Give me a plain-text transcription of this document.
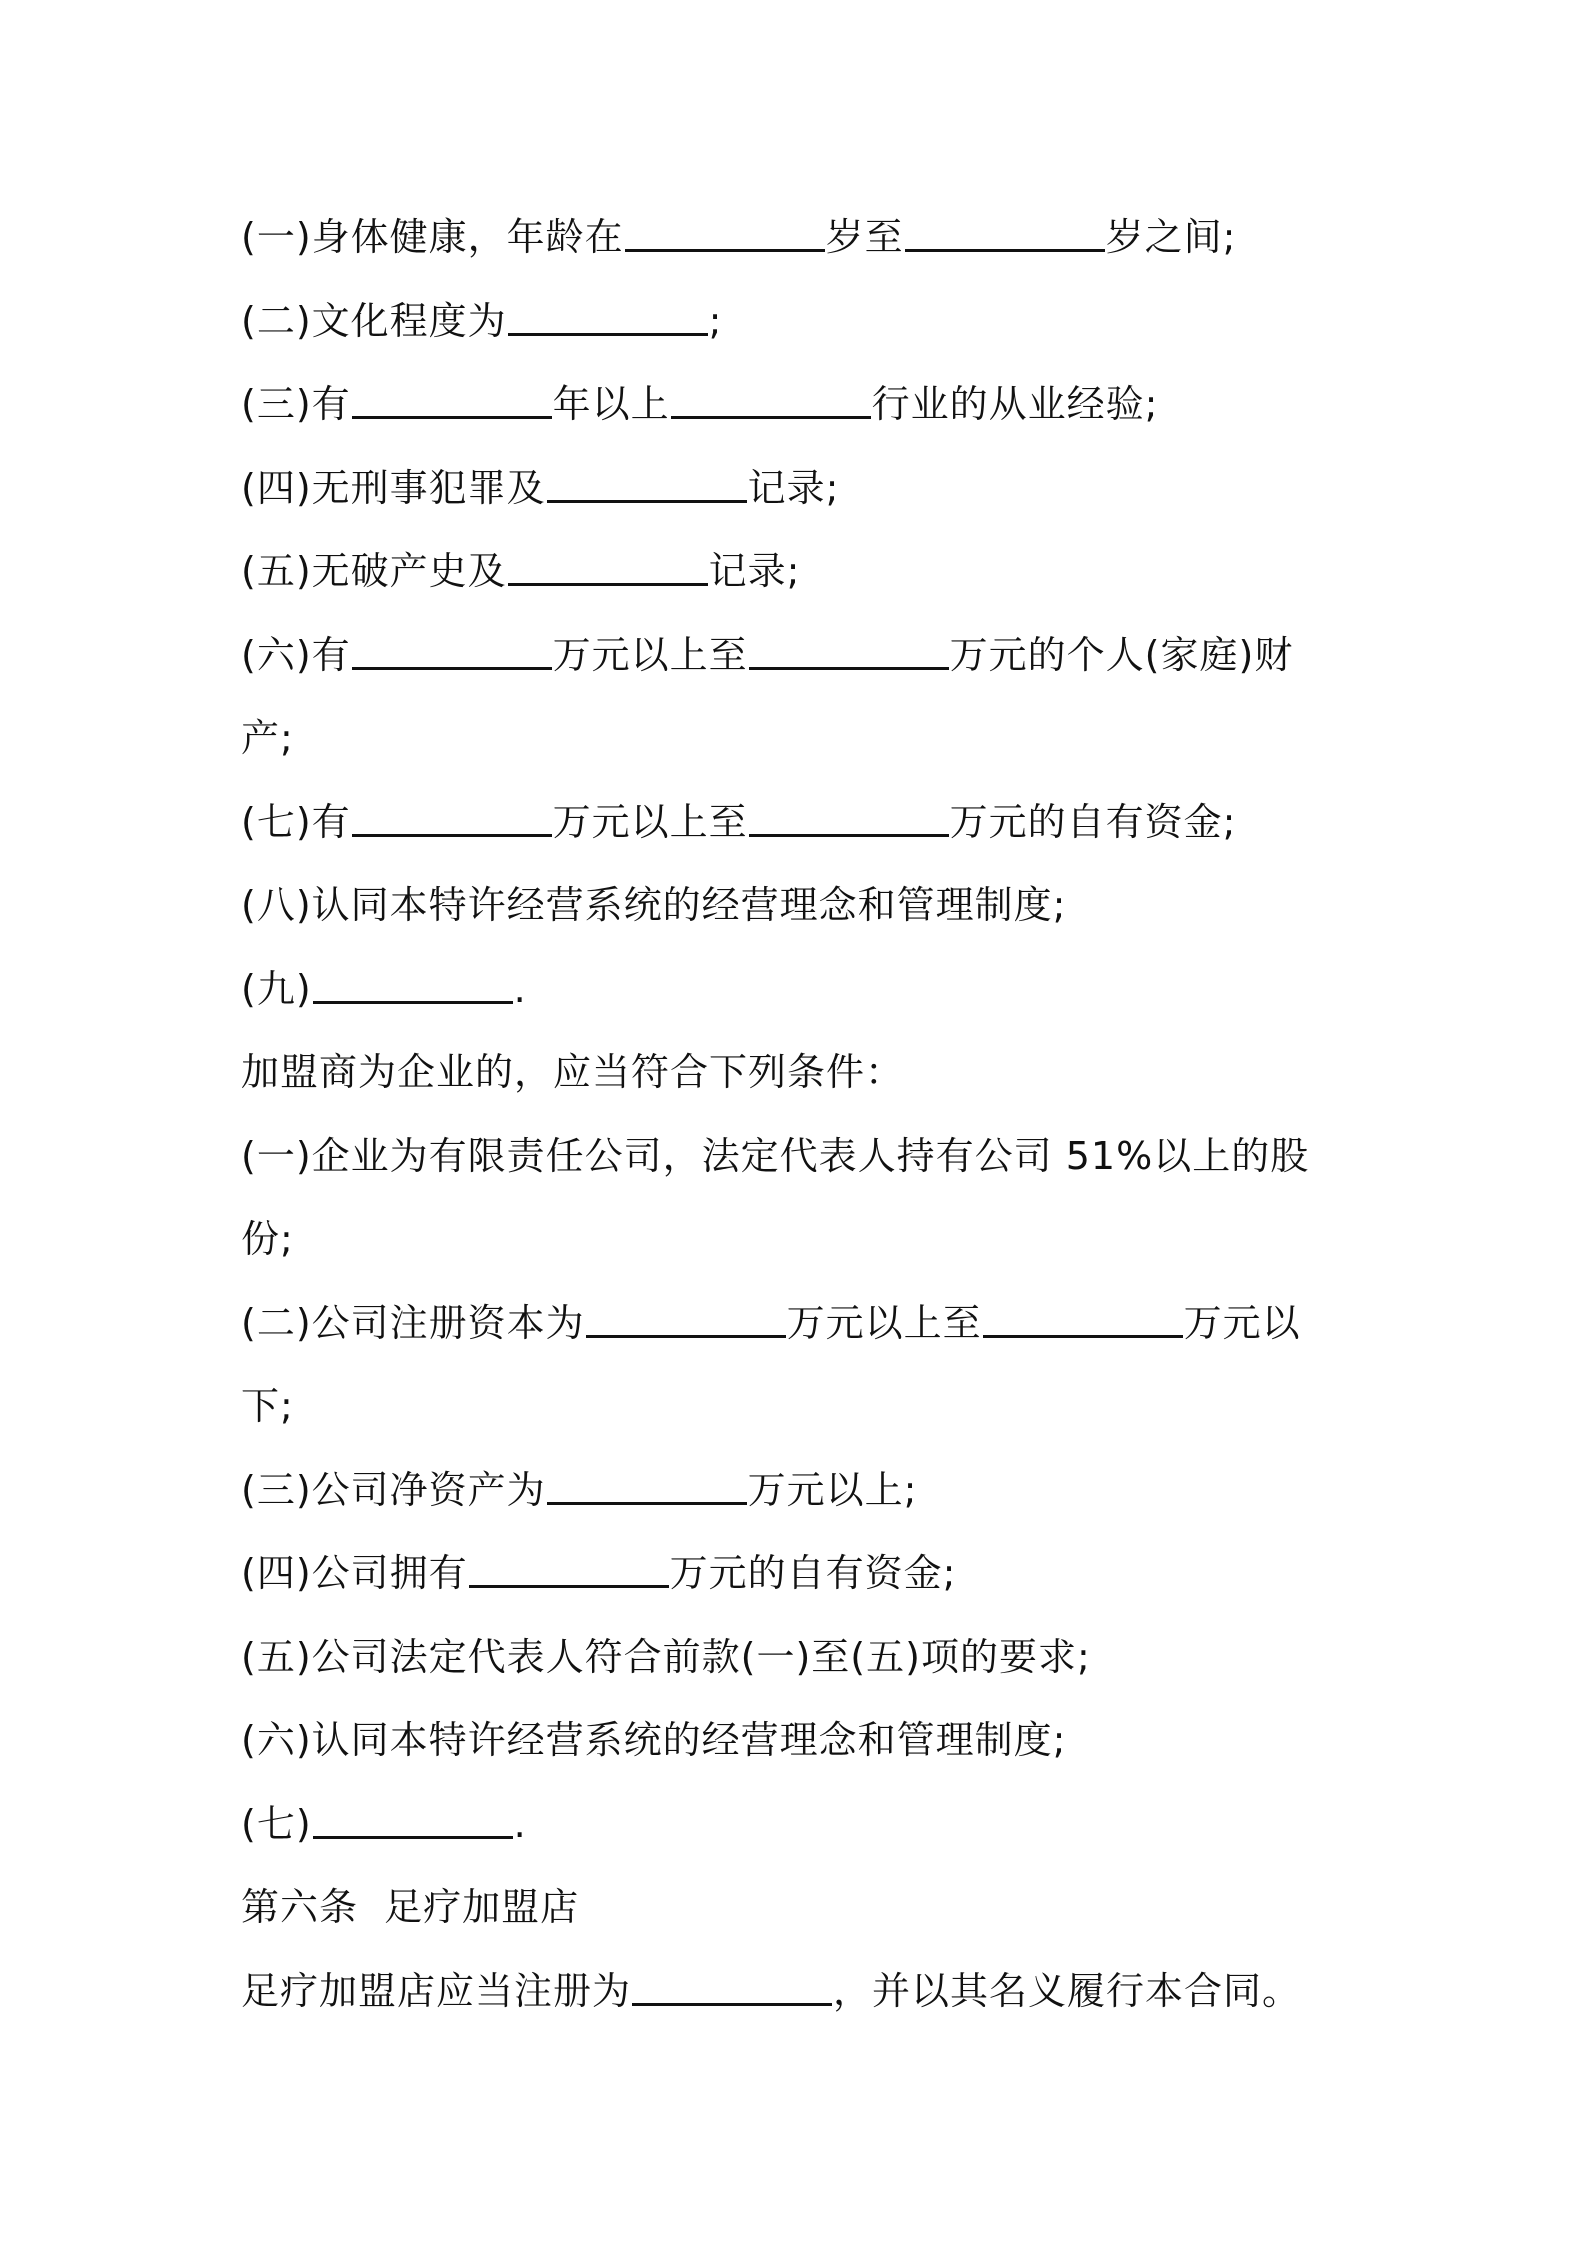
(一)身体健康，年龄在	岁至	岁之间;
(二)文化程度为	;
(三)有	年以上	行业的从业经验;
(四)无刑事犯罪及	记录;
(五)无破产史及	记录;
(六)有	万元以上至	万元的个人(家庭)财
产;
(七)有	万元以上至	万元的自有资金;
(八)认同本特许经营系统的经营理念和管理制度;
(九)	.
加盟商为企业的，应当符合下列条件：
(一)企业为有限责任公司，法定代表人持有公司 51%以上的股
份;
(二)公司注册资本为	万元以上至	万元以
下;
(三)公司净资产为	万元以上;
(四)公司拥有	万元的自有资金;
(五)公司法定代表人符合前款(一)至(五)项的要求;
(六)认同本特许经营系统的经营理念和管理制度;
(七)	.
第六条  足疗加盟店
足疗加盟店应当注册为	，并以其名义履行本合同。
